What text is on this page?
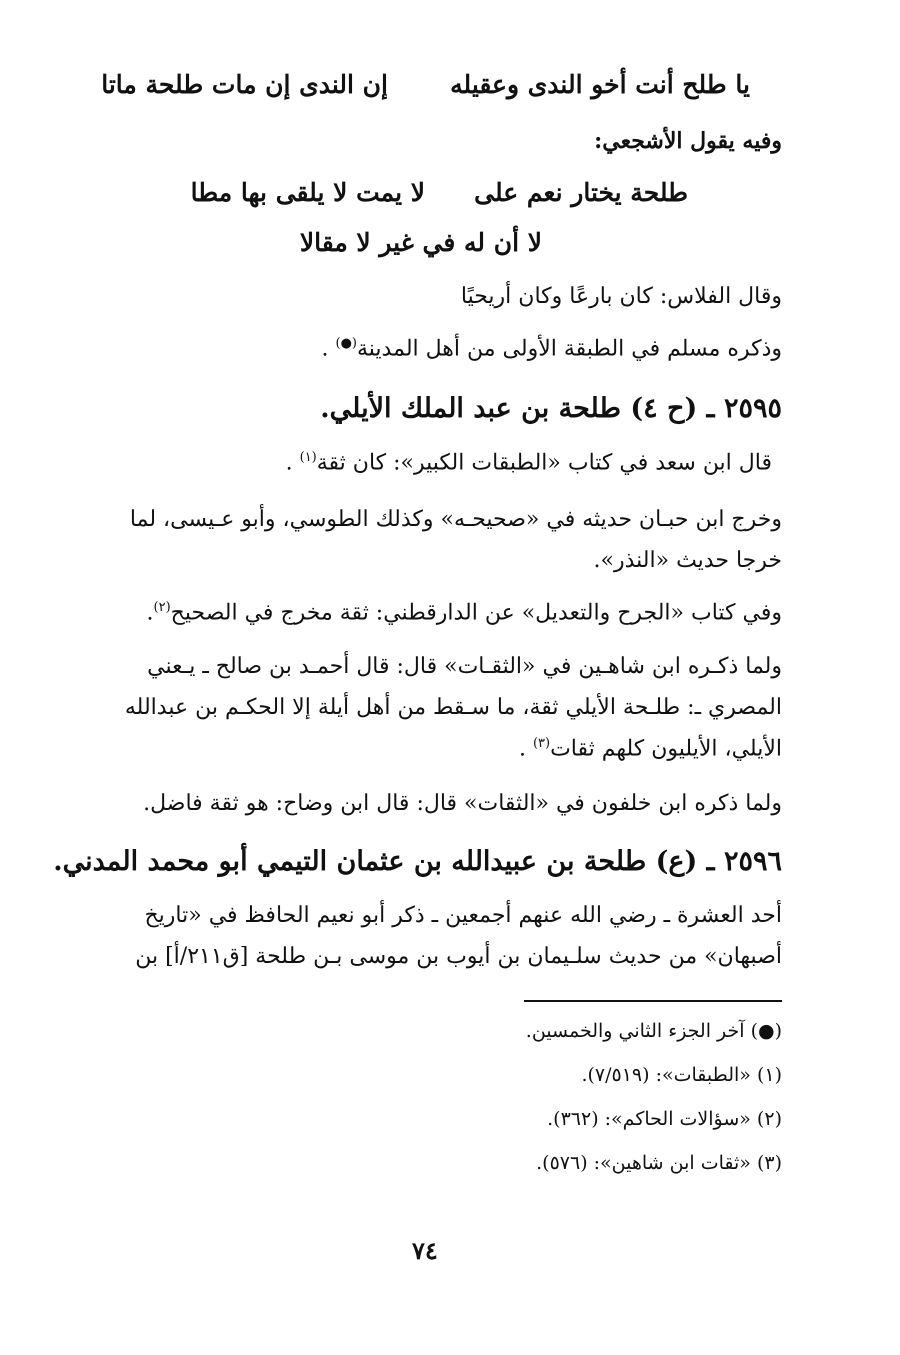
يا طلح أنت أخو الندى وعقيله
إن الندى إن مات طلحة ماتا
وفيه يقول الأشجعي:
طلحة يختار نعم على
لا يمت لا يلقى بها مطا
لا أن له في غير لا مقالا
وقال الفلاس: كان بارعًا وكان أريحيًا
وذكره مسلم في الطبقة الأولى من أهل المدينة(●) .
٢٥٩٥ ـ (ح ٤) طلحة بن عبد الملك الأيلي.
قال ابن سعد في كتاب «الطبقات الكبير»: كان ثقة$^{(١)}$ .
وخرج ابن حبـان حديثه في «صحيحـه» وكذلك الطوسي، وأبو عـيسى، لما
خرجا حديث «النذر».
وفي كتاب «الجرح والتعديل» عن الدارقطني: ثقة مخرج في الصحيح$^{(٢)}$.
ولما ذكـره ابن شاهـين في «الثقـات» قال: قال أحمـد بن صالح ـ يـعني
المصري ـ: طلـحة الأيلي ثقة، ما سـقط من أهل أيلة إلا الحكـم بن عبدالله
الأيلي، الأيليون كلهم ثقات$^{(٣)}$ .
ولما ذكره ابن خلفون في «الثقات» قال: قال ابن وضاح: هو ثقة فاضل.
٢٥٩٦ ـ (ع) طلحة بن عبيدالله بن عثمان التيمي أبو محمد المدني.
أحد العشرة ـ رضي الله عنهم أجمعين ـ ذكر أبو نعيم الحافظ في «تاريخ
أصبهان» من حديث سلـيمان بن أيوب بن موسى بـن طلحة [ق٢١١/أ] بن
(●) آخر الجزء الثاني والخمسين.
(١) «الطبقات»: (٧/٥١٩).
(٢) «سؤالات الحاكم»: (٣٦٢).
(٣) «ثقات ابن شاهين»: (٥٧٦).
٧٤
